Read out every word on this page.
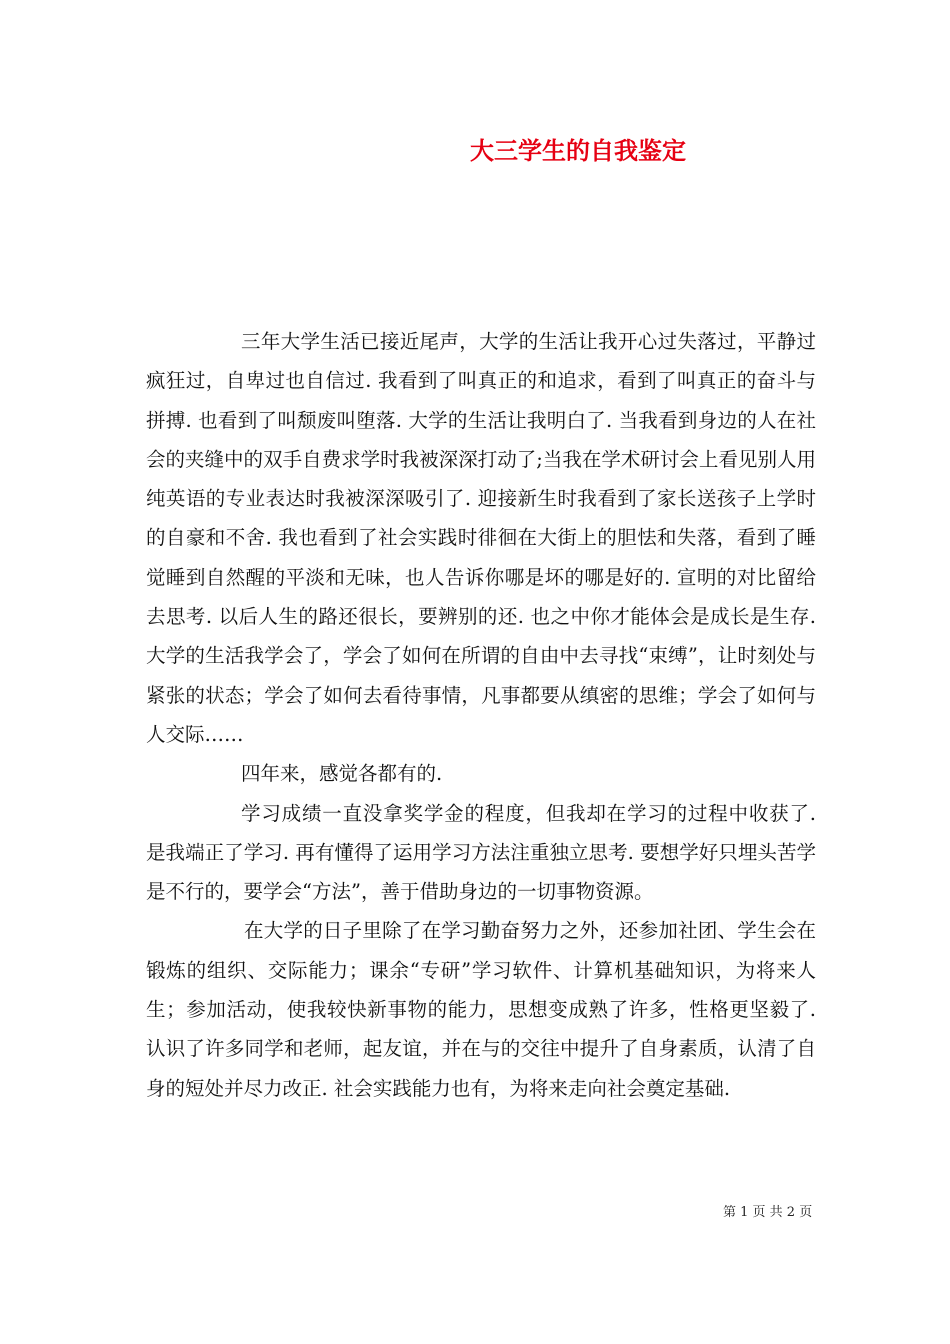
大三学生的自我鉴定

三年大学生活已接近尾声，大学的生活让我开心过失落过，平静过疯狂过，自卑过也自信过. 我看到了叫真正的和追求，看到了叫真正的奋斗与拼搏. 也看到了叫颓废叫堕落. 大学的生活让我明白了. 当我看到身边的人在社会的夹缝中的双手自费求学时我被深深打动了;当我在学术研讨会上看见别人用纯英语的专业表达时我被深深吸引了. 迎接新生时我看到了家长送孩子上学时的自豪和不舍. 我也看到了社会实践时徘徊在大街上的胆怯和失落，看到了睡觉睡到自然醒的平淡和无味，也人告诉你哪是坏的哪是好的. 宣明的对比留给去思考. 以后人生的路还很长，要辨别的还. 也之中你才能体会是成长是生存. 大学的生活我学会了，学会了如何在所谓的自由中去寻找“束缚”，让时刻处与紧张的状态；学会了如何去看待事情，凡事都要从缜密的思维；学会了如何与人交际……

四年来，感觉各都有的.

学习成绩一直没拿奖学金的程度，但我却在学习的过程中收获了. 是我端正了学习. 再有懂得了运用学习方法注重独立思考. 要想学好只埋头苦学是不行的，要学会“方法”，善于借助身边的一切事物资源。

在大学的日子里除了在学习勤奋努力之外，还参加社团、学生会在锻炼的组织、交际能力；课余“专研”学习软件、计算机基础知识，为将来人生；参加活动，使我较快新事物的能力，思想变成熟了许多，性格更坚毅了. 认识了许多同学和老师，起友谊，并在与的交往中提升了自身素质，认清了自身的短处并尽力改正. 社会实践能力也有，为将来走向社会奠定基础.

第 1 页 共 2 页
